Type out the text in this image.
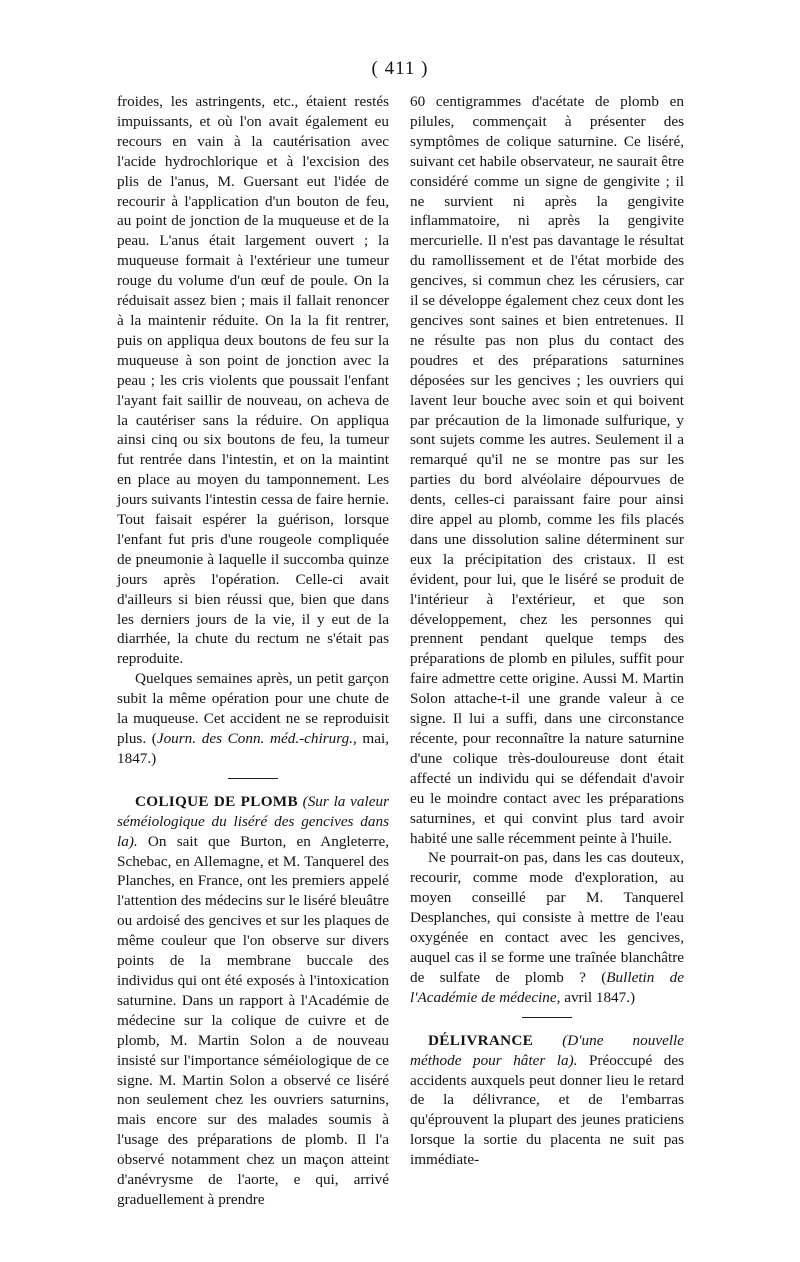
( 411 )

froides, les astringents, etc., étaient restés impuissants, et où l'on avait également eu recours en vain à la cautérisation avec l'acide hydrochlorique et à l'excision des plis de l'anus, M. Guersant eut l'idée de recourir à l'application d'un bouton de feu, au point de jonction de la muqueuse et de la peau. L'anus était largement ouvert ; la muqueuse formait à l'extérieur une tumeur rouge du volume d'un œuf de poule. On la réduisait assez bien ; mais il fallait renoncer à la maintenir réduite. On la la fit rentrer, puis on appliqua deux boutons de feu sur la muqueuse à son point de jonction avec la peau ; les cris violents que poussait l'enfant l'ayant fait saillir de nouveau, on acheva de la cautériser sans la réduire. On appliqua ainsi cinq ou six boutons de feu, la tumeur fut rentrée dans l'intestin, et on la maintint en place au moyen du tamponnement. Les jours suivants l'intestin cessa de faire hernie. Tout faisait espérer la guérison, lorsque l'enfant fut pris d'une rougeole compliquée de pneumonie à laquelle il succomba quinze jours après l'opération. Celle-ci avait d'ailleurs si bien réussi que, bien que dans les derniers jours de la vie, il y eut de la diarrhée, la chute du rectum ne s'était pas reproduite.

Quelques semaines après, un petit garçon subit la même opération pour une chute de la muqueuse. Cet accident ne se reproduisit plus. (Journ. des Conn. méd.-chirurg., mai, 1847.)

COLIQUE DE PLOMB (Sur la valeur séméiologique du liséré des gencives dans la). On sait que Burton, en Angleterre, Schebac, en Allemagne, et M. Tanquerel des Planches, en France, ont les premiers appelé l'attention des médecins sur le liséré bleuâtre ou ardoisé des gencives et sur les plaques de même couleur que l'on observe sur divers points de la membrane buccale des individus qui ont été exposés à l'intoxication saturnine. Dans un rapport à l'Académie de médecine sur la colique de cuivre et de plomb, M. Martin Solon a de nouveau insisté sur l'importance séméiologique de ce signe. M. Martin Solon a observé ce liséré non seulement chez les ouvriers saturnins, mais encore sur des malades soumis à l'usage des préparations de plomb. Il l'a observé notamment chez un maçon atteint d'anévrysme de l'aorte, e qui, arrivé graduellement à prendre

60 centigrammes d'acétate de plomb en pilules, commençait à présenter des symptômes de colique saturnine. Ce liséré, suivant cet habile observateur, ne saurait être considéré comme un signe de gengivite ; il ne survient ni après la gengivite inflammatoire, ni après la gengivite mercurielle. Il n'est pas davantage le résultat du ramollissement et de l'état morbide des gencives, si commun chez les cérusiers, car il se développe également chez ceux dont les gencives sont saines et bien entretenues. Il ne résulte pas non plus du contact des poudres et des préparations saturnines déposées sur les gencives ; les ouvriers qui lavent leur bouche avec soin et qui boivent par précaution de la limonade sulfurique, y sont sujets comme les autres. Seulement il a remarqué qu'il ne se montre pas sur les parties du bord alvéolaire dépourvues de dents, celles-ci paraissant faire pour ainsi dire appel au plomb, comme les fils placés dans une dissolution saline déterminent sur eux la précipitation des cristaux. Il est évident, pour lui, que le liséré se produit de l'intérieur à l'extérieur, et que son développement, chez les personnes qui prennent pendant quelque temps des préparations de plomb en pilules, suffit pour faire admettre cette origine. Aussi M. Martin Solon attache-t-il une grande valeur à ce signe. Il lui a suffi, dans une circonstance récente, pour reconnaître la nature saturnine d'une colique très-douloureuse dont était affecté un individu qui se défendait d'avoir eu le moindre contact avec les préparations saturnines, et qui convint plus tard avoir habité une salle récemment peinte à l'huile.

Ne pourrait-on pas, dans les cas douteux, recourir, comme mode d'exploration, au moyen conseillé par M. Tanquerel Desplanches, qui consiste à mettre de l'eau oxygénée en contact avec les gencives, auquel cas il se forme une traînée blanchâtre de sulfate de plomb ? (Bulletin de l'Académie de médecine, avril 1847.)

DÉLIVRANCE (D'une nouvelle méthode pour hâter la). Préoccupé des accidents auxquels peut donner lieu le retard de la délivrance, et de l'embarras qu'éprouvent la plupart des jeunes praticiens lorsque la sortie du placenta ne suit pas immédiate-
